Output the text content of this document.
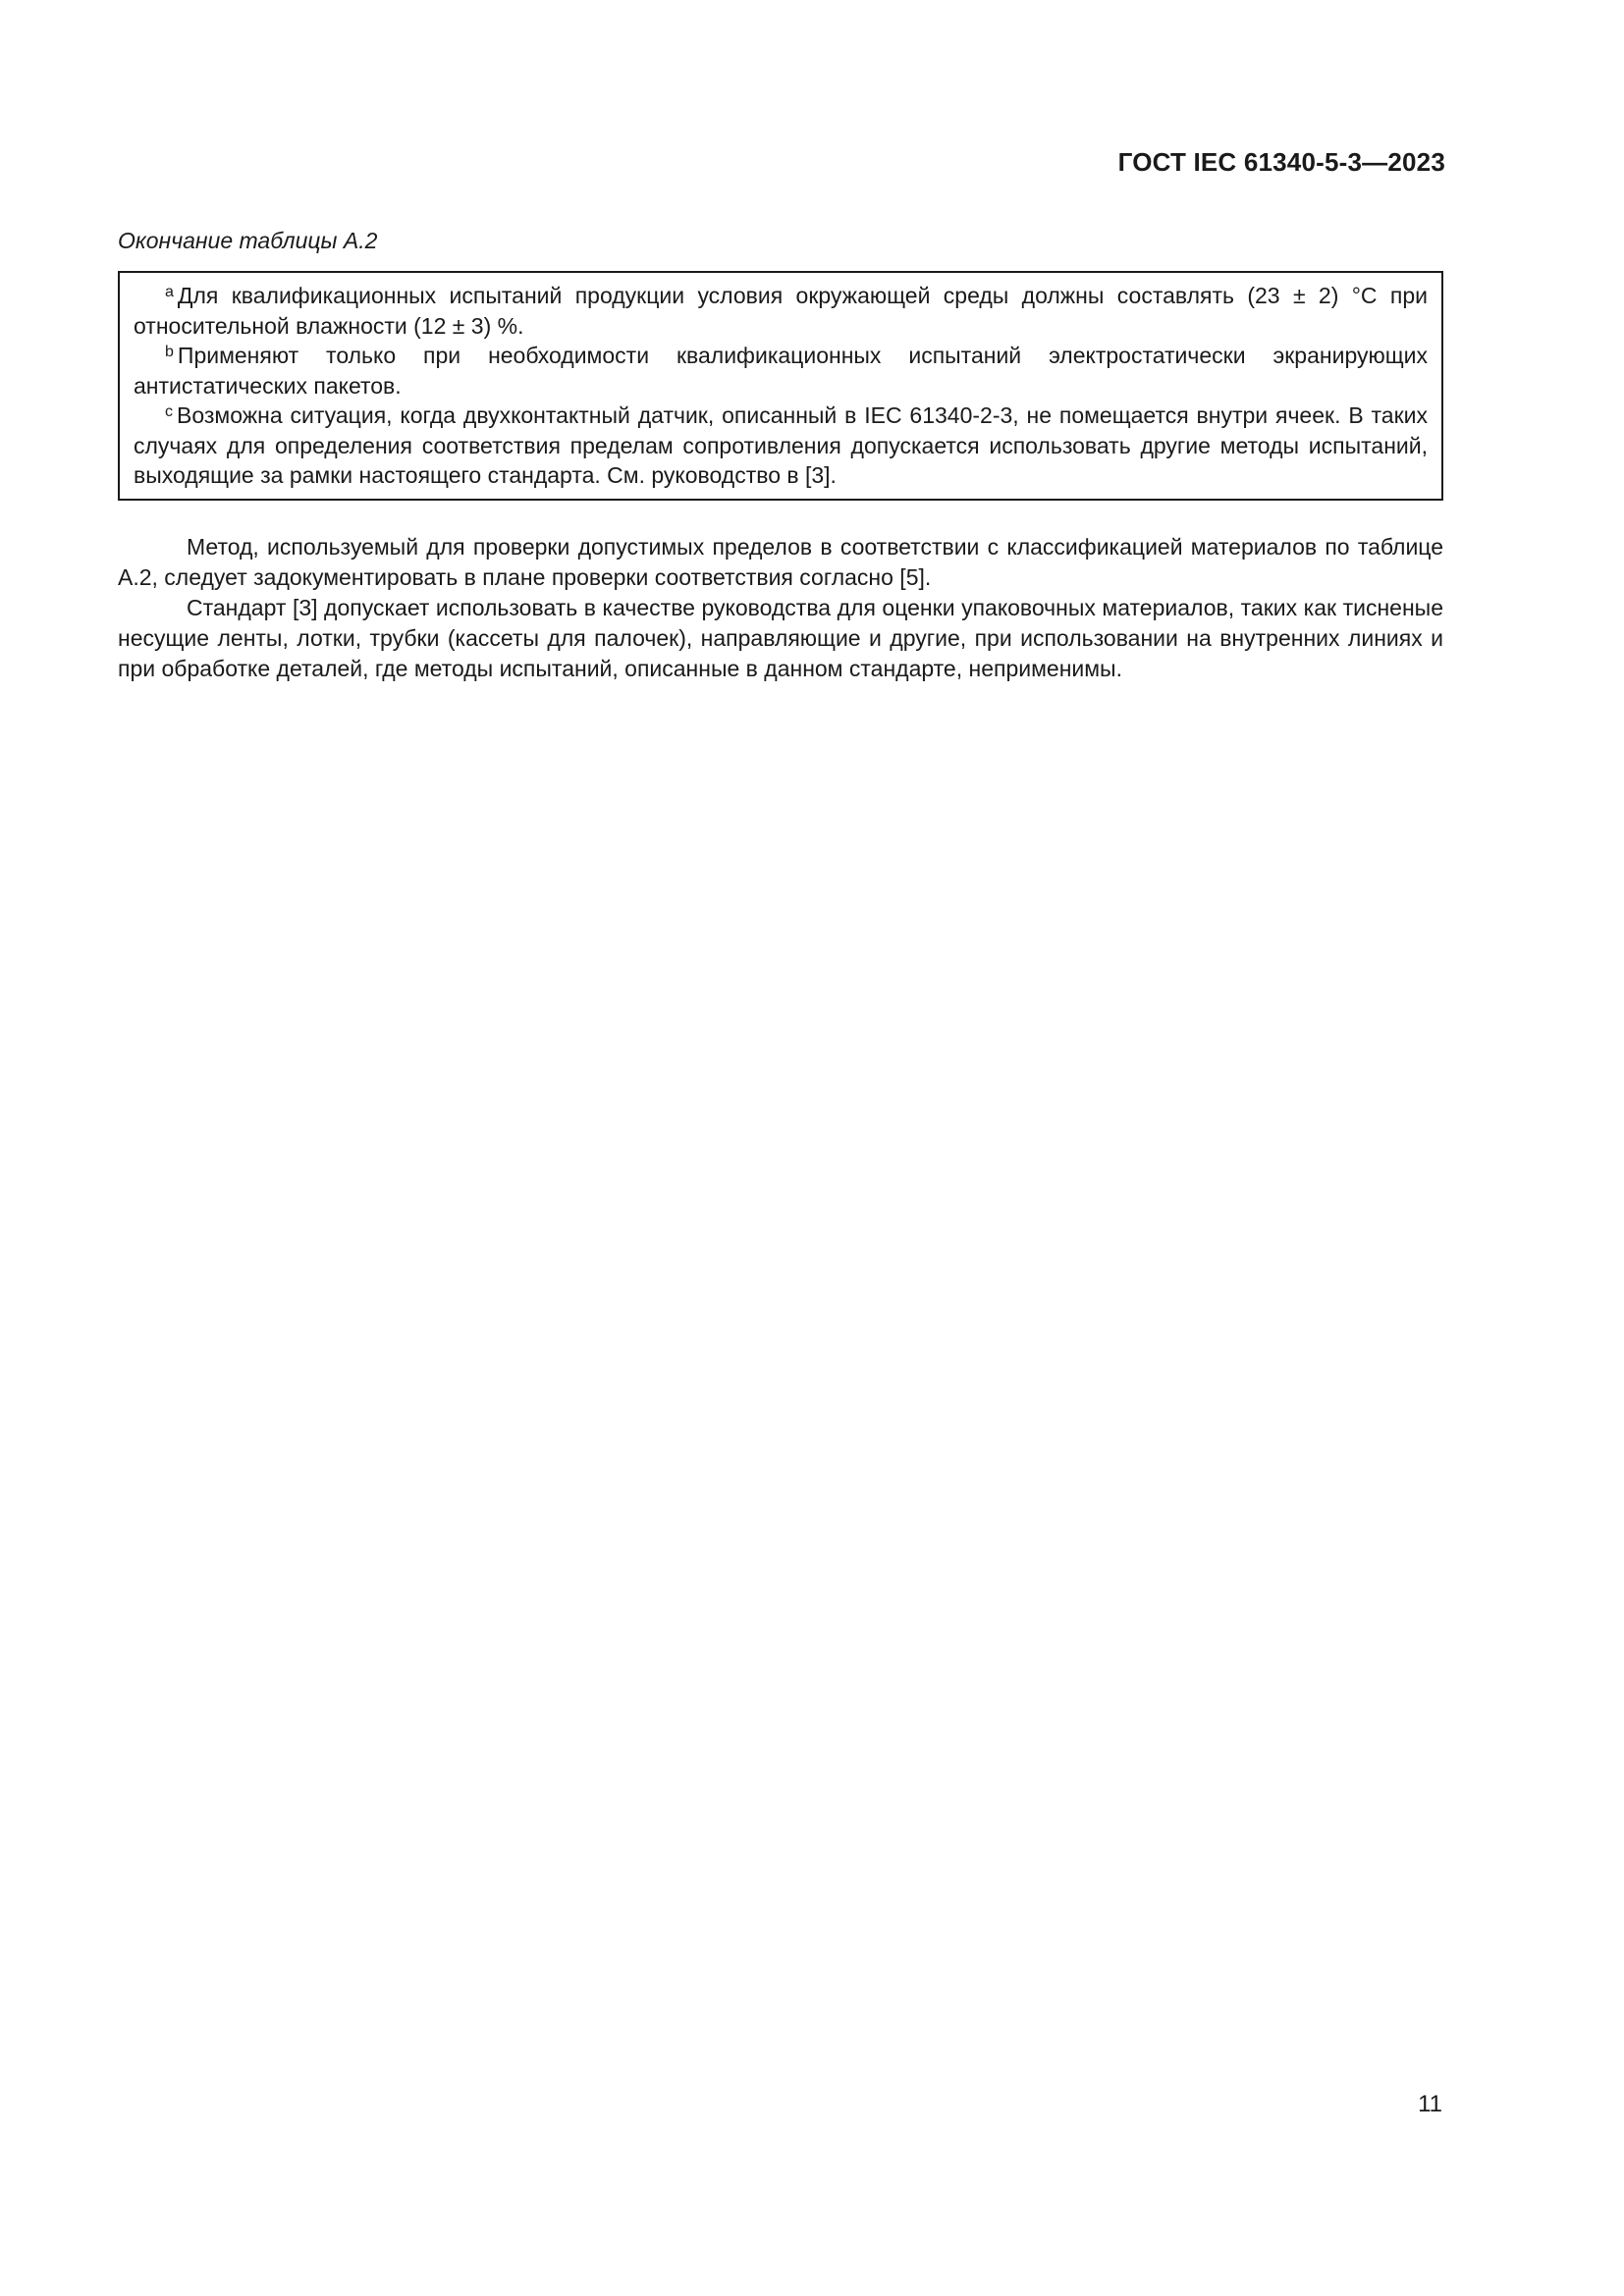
ГОСТ IEC 61340-5-3—2023
Окончание таблицы А.2

$^a$ Для квалификационных испытаний продукции условия окружающей среды должны составлять (23 ± 2) °С при относительной влажности (12 ± 3) %.

$^b$ Применяют только при необходимости квалификационных испытаний электростатически экранирующих антистатических пакетов.

$^c$ Возможна ситуация, когда двухконтактный датчик, описанный в IEC 61340-2-3, не помещается внутри ячеек. В таких случаях для определения соответствия пределам сопротивления допускается использовать другие методы испытаний, выходящие за рамки настоящего стандарта. См. руководство в [3].

Метод, используемый для проверки допустимых пределов в соответствии с классификацией материалов по таблице А.2, следует задокументировать в плане проверки соответствия согласно [5].

Стандарт [3] допускает использовать в качестве руководства для оценки упаковочных материалов, таких как тисненые несущие ленты, лотки, трубки (кассеты для палочек), направляющие и другие, при использовании на внутренних линиях и при обработке деталей, где методы испытаний, описанные в данном стандарте, неприменимы.

11
